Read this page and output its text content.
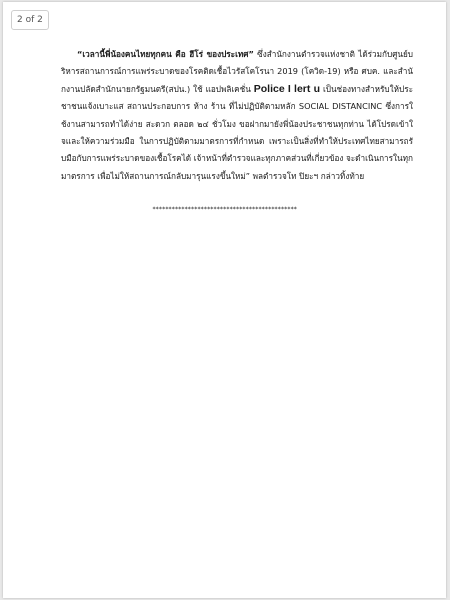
2 of 2

“เวลานี้พี่น้องคนไทยทุกคน คือ ฮีโร่ ของประเทศ” ซึ่งสำนักงานตำรวจแห่งชาติ ได้ร่วมกับศูนย์บริหารสถานการณ์การแพร่ระบาดของโรคติดเชื้อไวรัสโคโรนา 2019 (โควิด-19) หรือ ศบค. และสำนักงานปลัดสำนักนายกรัฐมนตรี(สปน.) ใช้ แอปพลิเคชั่น Police I lert u เป็นช่องทางสำหรับให้ประชาชนแจ้งเบาะแส สถานประกอบการ ห้าง ร้าน ที่ไม่ปฏิบัติตามหลัก SOCIAL DISTANCINC ซึ่งการใช้งานสามารถทำได้ง่าย สะดวก ตลอด ๒๔ ชั่วโมง ขอฝากมายังพี่น้องประชาชนทุกท่าน ได้โปรดเข้าใจและให้ความร่วมมือ ในการปฏิบัติตามมาตรการที่กำหนด เพราะเป็นสิ่งที่ทำให้ประเทศไทยสามารถรับมือกับการแพร่ระบาดของเชื้อโรคได้ เจ้าหน้าที่ตำรวจและทุกภาคส่วนที่เกี่ยวข้อง จะดำเนินการในทุกมาตรการ เพื่อไม่ให้สถานการณ์กลับมารุนแรงขึ้นใหม่” พลตำรวจโท ปิยะฯ กล่าวทิ้งท้าย

*********************************************
